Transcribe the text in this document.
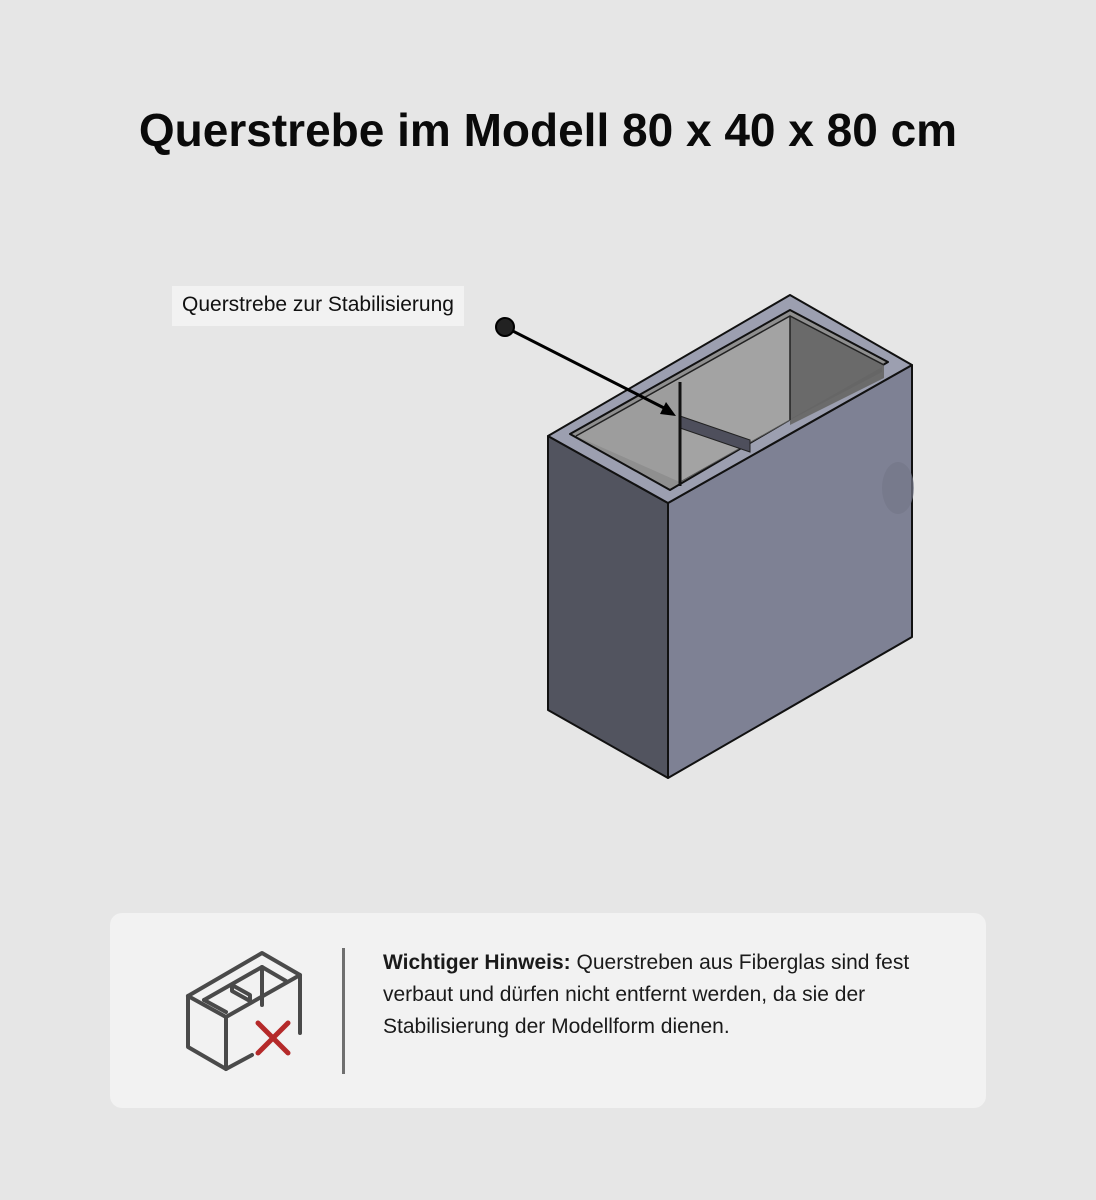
Querstrebe im Modell 80 x 40 x 80 cm
Querstrebe zur Stabilisierung

Wichtiger Hinweis: Querstreben aus Fiberglas sind fest verbaut und dürfen nicht entfernt werden, da sie der Stabilisierung der Modellform dienen.
